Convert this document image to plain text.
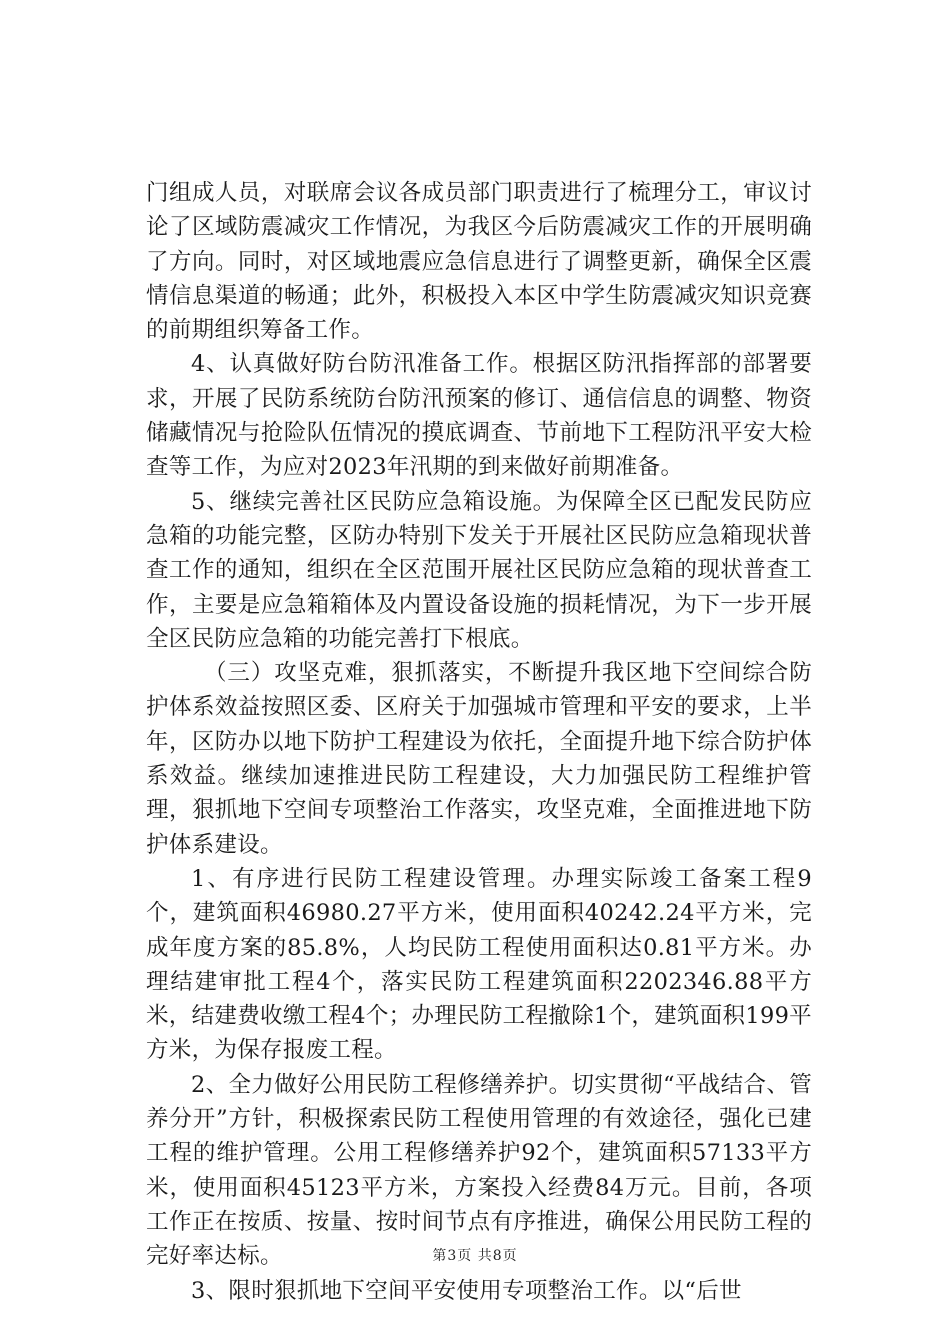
门组成人员，对联席会议各成员部门职责进行了梳理分工，审议讨论了区域防震减灾工作情况，为我区今后防震减灾工作的开展明确了方向。同时，对区域地震应急信息进行了调整更新，确保全区震情信息渠道的畅通；此外，积极投入本区中学生防震减灾知识竞赛的前期组织筹备工作。

4、认真做好防台防汛准备工作。根据区防汛指挥部的部署要求，开展了民防系统防台防汛预案的修订、通信信息的调整、物资储藏情况与抢险队伍情况的摸底调查、节前地下工程防汛平安大检查等工作，为应对2023年汛期的到来做好前期准备。

5、继续完善社区民防应急箱设施。为保障全区已配发民防应急箱的功能完整，区防办特别下发关于开展社区民防应急箱现状普查工作的通知，组织在全区范围开展社区民防应急箱的现状普查工作，主要是应急箱箱体及内置设备设施的损耗情况，为下一步开展全区民防应急箱的功能完善打下根底。

（三）攻坚克难，狠抓落实，不断提升我区地下空间综合防护体系效益按照区委、区府关于加强城市管理和平安的要求，上半年，区防办以地下防护工程建设为依托，全面提升地下综合防护体系效益。继续加速推进民防工程建设，大力加强民防工程维护管理，狠抓地下空间专项整治工作落实，攻坚克难，全面推进地下防护体系建设。

1、有序进行民防工程建设管理。办理实际竣工备案工程9个，建筑面积46980.27平方米，使用面积40242.24平方米，完成年度方案的85.8%，人均民防工程使用面积达0.81平方米。办理结建审批工程4个，落实民防工程建筑面积2202346.88平方米，结建费收缴工程4个；办理民防工程撤除1个，建筑面积199平方米，为保存报废工程。

2、全力做好公用民防工程修缮养护。切实贯彻“平战结合、管养分开”方针，积极探索民防工程使用管理的有效途径，强化已建工程的维护管理。公用工程修缮养护92个，建筑面积57133平方米，使用面积45123平方米，方案投入经费84万元。目前，各项工作正在按质、按量、按时间节点有序推进，确保公用民防工程的完好率达标。

3、限时狠抓地下空间平安使用专项整治工作。以“后世

第3页 共8页
